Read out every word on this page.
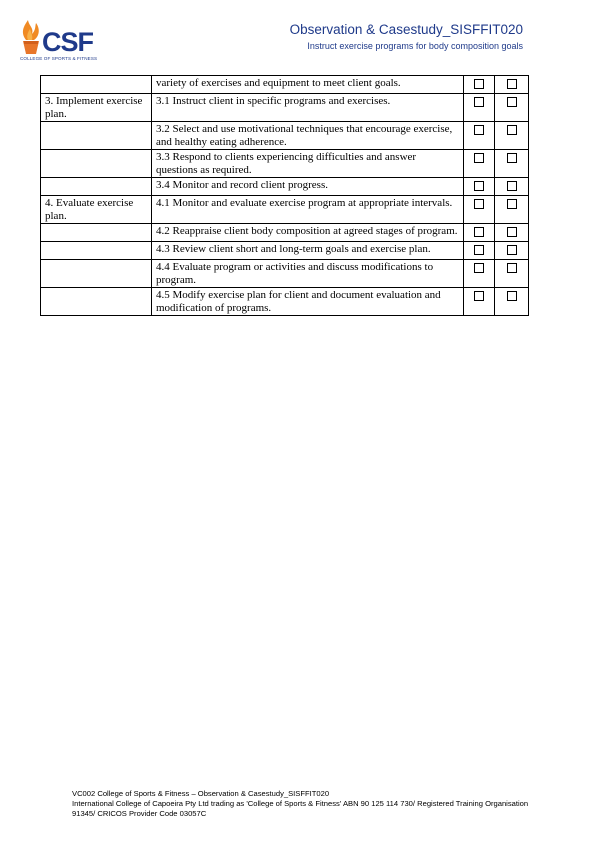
CSF
COLLEGE OF SPORTS & FITNESS
Observation & Casestudy_SISFFIT020
Instruct exercise programs for body composition goals
	variety of exercises and equipment to meet client goals.		
3. Implement exercise plan.	3.1 Instruct client in specific programs and exercises.		
	3.2 Select and use motivational techniques that encourage exercise, and healthy eating adherence.		
	3.3 Respond to clients experiencing difficulties and answer questions as required.		
	3.4 Monitor and record client progress.		
4. Evaluate exercise plan.	4.1 Monitor and evaluate exercise program at appropriate intervals.		
	4.2 Reappraise client body composition at agreed stages of program.		
	4.3 Review client short and long-term goals and exercise plan.		
	4.4 Evaluate program or activities and discuss modifications to program.		
	4.5 Modify exercise plan for client and document evaluation and modification of programs.		
VC002 College of Sports & Fitness – Observation & Casestudy_SISFFIT020
International College of Capoeira Pty Ltd trading as 'College of Sports & Fitness' ABN 90 125 114 730/ Registered Training Organisation 91345/ CRICOS Provider Code 03057C
